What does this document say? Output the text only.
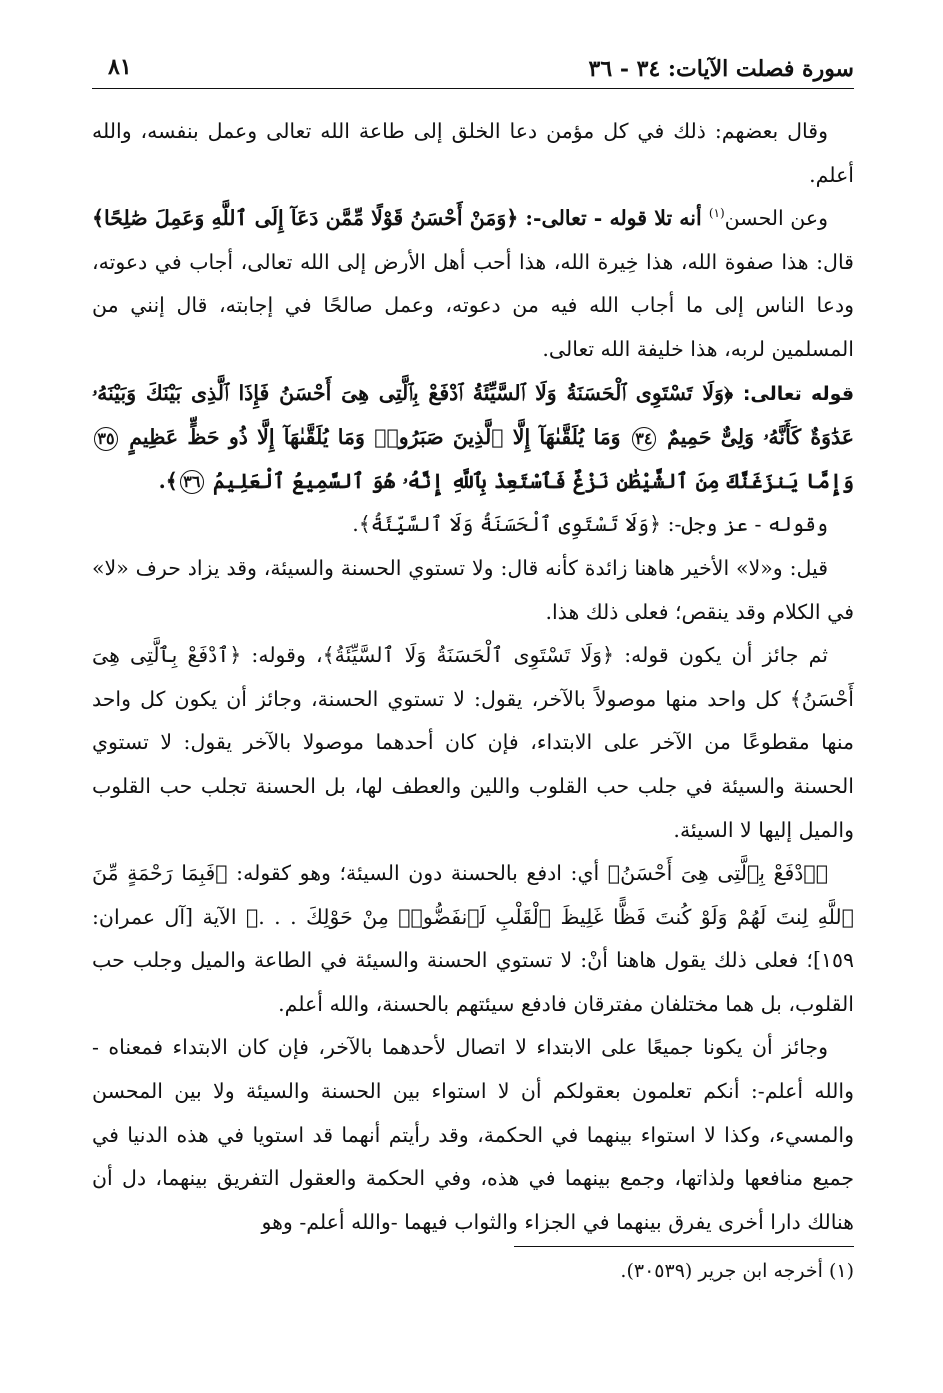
سورة فصلت الآيات: ٣٤ - ٣٦
٨١

وقال بعضهم: ذلك في كل مؤمن دعا الخلق إلى طاعة الله تعالى وعمل بنفسه، والله أعلم.

وعن الحسن$^{(١)}$ أنه تلا قوله - تعالى-: ﴿وَمَنْ أَحْسَنُ قَوْلًا مِّمَّن دَعَآ إِلَى ٱللَّهِ وَعَمِلَ صَٰلِحًا﴾ قال: هذا صفوة الله، هذا خِيرة الله، هذا أحب أهل الأرض إلى الله تعالى، أجاب في دعوته، ودعا الناس إلى ما أجاب الله فيه من دعوته، وعمل صالحًا في إجابته، قال إنني من المسلمين لربه، هذا خليفة الله تعالى.

قوله تعالى: ﴿وَلَا تَسْتَوِى ٱلْحَسَنَةُ وَلَا ٱلسَّيِّئَةُ ٱدْفَعْ بِٱلَّتِى هِىَ أَحْسَنُ فَإِذَا ٱلَّذِى بَيْنَكَ وَبَيْنَهُۥ عَدَٰوَةٌ كَأَنَّهُۥ وَلِىٌّ حَمِيمٌ ٣٤ وَمَا يُلَقَّىٰهَآ إِلَّا ٱلَّذِينَ صَبَرُوا۟ وَمَا يُلَقَّىٰهَآ إِلَّا ذُو حَظٍّ عَظِيمٍ ٣٥ وَإِمَّا يَنزَغَنَّكَ مِنَ ٱلشَّيْطَٰنِ نَزْغٌ فَٱسْتَعِذْ بِٱللَّهِ إِنَّهُۥ هُوَ ٱلسَّمِيعُ ٱلْعَلِيمُ ٣٦﴾.

وقوله - عز وجل-: ﴿وَلَا تَسْتَوِى ٱلْحَسَنَةُ وَلَا ٱلسَّيِّئَةُ﴾.

قيل: و«لا» الأخير هاهنا زائدة كأنه قال: ولا تستوي الحسنة والسيئة، وقد يزاد حرف «لا» في الكلام وقد ينقص؛ فعلى ذلك هذا.

ثم جائز أن يكون قوله: ﴿وَلَا تَسْتَوِى ٱلْحَسَنَةُ وَلَا ٱلسَّيِّئَةُ﴾، وقوله: ﴿ٱدْفَعْ بِٱلَّتِى هِىَ أَحْسَنُ﴾ كل واحد منها موصولاً بالآخر، يقول: لا تستوي الحسنة، وجائز أن يكون كل واحد منها مقطوعًا من الآخر على الابتداء، فإن كان أحدهما موصولا بالآخر يقول: لا تستوي الحسنة والسيئة في جلب حب القلوب واللين والعطف لها، بل الحسنة تجلب حب القلوب والميل إليها لا السيئة.

﴿ٱدْفَعْ بِٱلَّتِى هِىَ أَحْسَنُ﴾ أي: ادفع بالحسنة دون السيئة؛ وهو كقوله: ﴿فَبِمَا رَحْمَةٍ مِّنَ ٱللَّهِ لِنتَ لَهُمْ وَلَوْ كُنتَ فَظًّا غَلِيظَ ٱلْقَلْبِ لَٱنفَضُّوا۟ مِنْ حَوْلِكَ . . .﴾ الآية [آل عمران: ١٥٩]؛ فعلى ذلك يقول هاهنا أنْ: لا تستوي الحسنة والسيئة في الطاعة والميل وجلب حب القلوب، بل هما مختلفان مفترقان فادفع سيئتهم بالحسنة، والله أعلم.

وجائز أن يكونا جميعًا على الابتداء لا اتصال لأحدهما بالآخر، فإن كان الابتداء فمعناه - والله أعلم-: أنكم تعلمون بعقولكم أن لا استواء بين الحسنة والسيئة ولا بين المحسن والمسيء، وكذا لا استواء بينهما في الحكمة، وقد رأيتم أنهما قد استويا في هذه الدنيا في جميع منافعها ولذاتها، وجمع بينهما في هذه، وفي الحكمة والعقول التفريق بينهما، دل أن هنالك دارا أخرى يفرق بينهما في الجزاء والثواب فيهما -والله أعلم- وهو

(١) أخرجه ابن جرير (٣٠٥٣٩).
